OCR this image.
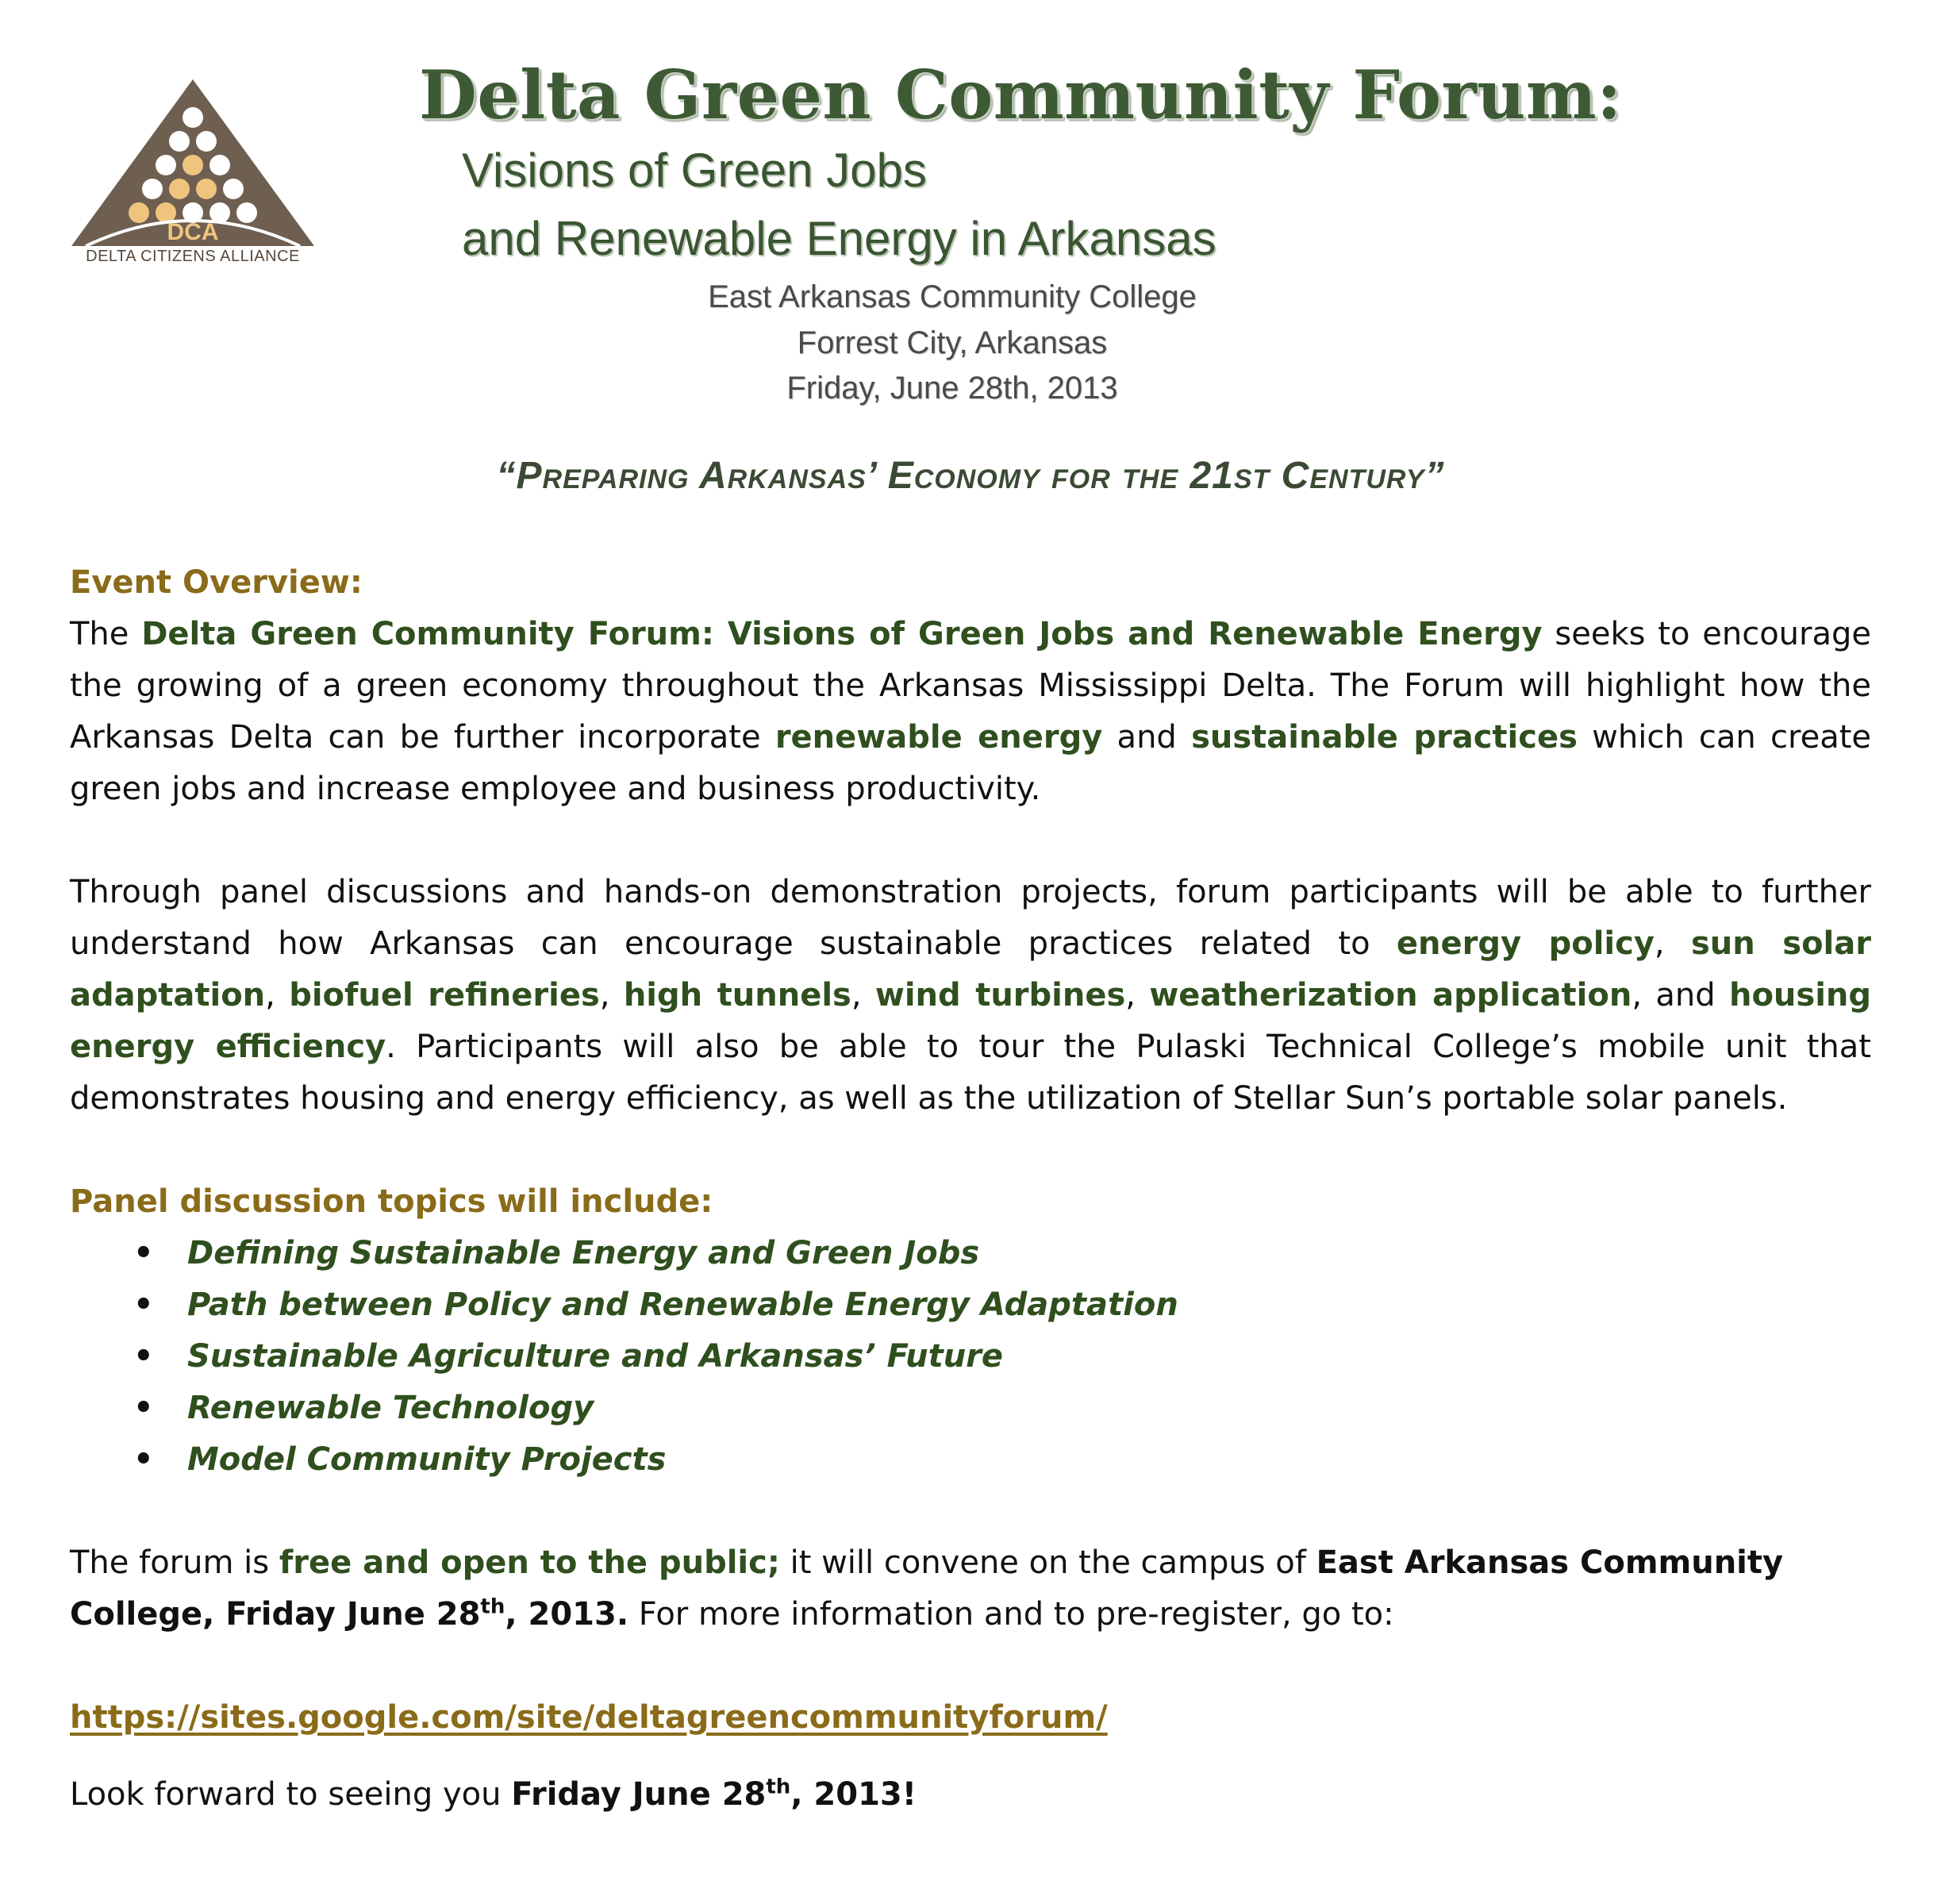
DCA
DELTA CITIZENS ALLIANCE
Delta Green Community Forum:
Visions of Green Jobs
and Renewable Energy in Arkansas
East Arkansas Community College
Forrest City, Arkansas
Friday, June 28th, 2013
“Preparing Arkansas’ Economy for the 21st Century”
Event Overview:

The Delta Green Community Forum: Visions of Green Jobs and Renewable Energy seeks to encourage the growing of a green economy throughout the Arkansas Mississippi Delta. The Forum will highlight how the Arkansas Delta can be further incorporate renewable energy and sustainable practices which can create green jobs and increase employee and business productivity.

Through panel discussions and hands-on demonstration projects, forum participants will be able to further understand how Arkansas can encourage sustainable practices related to energy policy, sun solar adaptation, biofuel refineries, high tunnels, wind turbines, weatherization application, and housing energy efficiency. Participants will also be able to tour the Pulaski Technical College’s mobile unit that demonstrates housing and energy efficiency, as well as the utilization of Stellar Sun’s portable solar panels.

Panel discussion topics will include:
• Defining Sustainable Energy and Green Jobs
• Path between Policy and Renewable Energy Adaptation
• Sustainable Agriculture and Arkansas’ Future
• Renewable Technology
• Model Community Projects

The forum is free and open to the public; it will convene on the campus of East Arkansas Community College, Friday June 28th, 2013. For more information and to pre-register, go to:

https://sites.google.com/site/deltagreencommunityforum/
Look forward to seeing you Friday June 28th, 2013!
